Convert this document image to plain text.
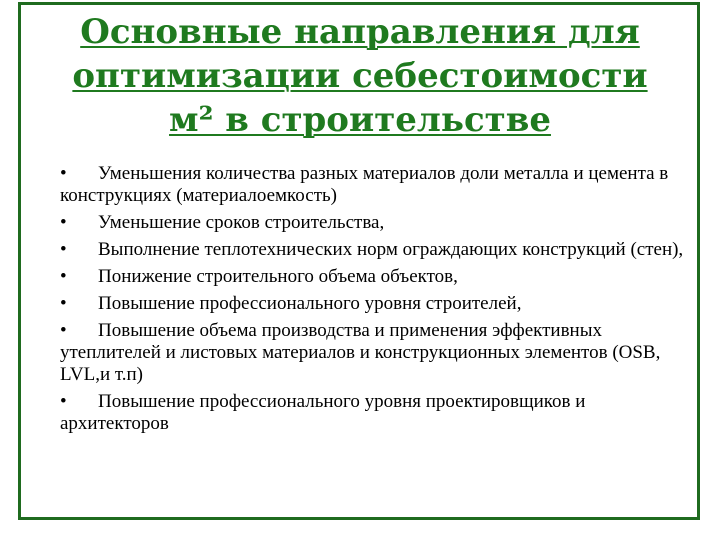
Основные направления для
оптимизации себестоимости
м² в строительстве
• Уменьшения количества разных материалов доли металла и цемента в конструкциях (материалоемкость)
• Уменьшение сроков строительства,
• Выполнение теплотехнических норм ограждающих конструкций (стен),
• Понижение строительного объема объектов,
• Повышение профессионального уровня строителей,
• Повышение объема производства и применения эффективных утеплителей и листовых материалов и конструкционных элементов (OSB, LVL,и т.п)
• Повышение профессионального уровня проектировщиков и архитекторов
